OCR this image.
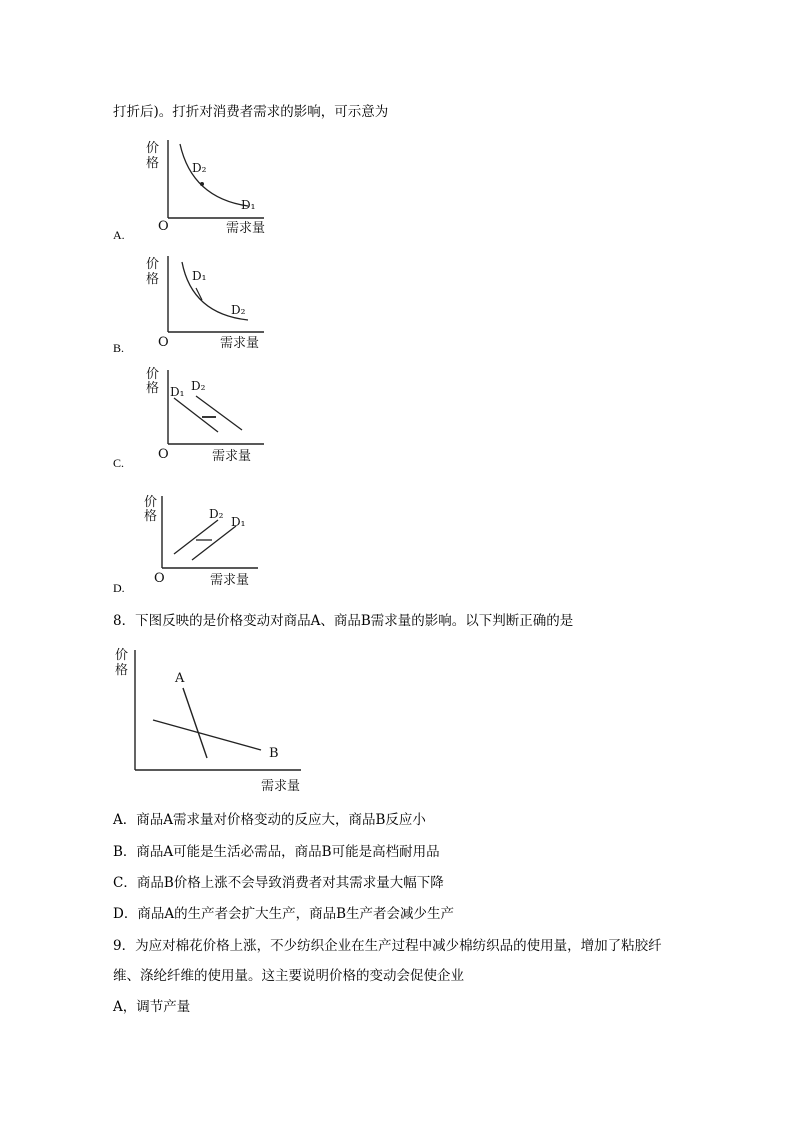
打折后)。打折对消费者需求的影响，可示意为
价
格	D₂
D₁
O	需求量
A.
价
格	D₁
D₂
O	需求量
B.
价
格 D₁ D₂
O	需求量
C.
价
格	D₂
D₁
O	需求量
D.
8．下图反映的是价格变动对商品A、商品B需求量的影响。以下判断正确的是
价
格
A
B
需求量
A．商品A需求量对价格变动的反应大，商品B反应小
B．商品A可能是生活必需品，商品B可能是高档耐用品
C．商品B价格上涨不会导致消费者对其需求量大幅下降
D．商品A的生产者会扩大生产，商品B生产者会减少生产
9．为应对棉花价格上涨，不少纺织企业在生产过程中减少棉纺织品的使用量，增加了粘胶纤
维、涤纶纤维的使用量。这主要说明价格的变动会促使企业
A，调节产量
